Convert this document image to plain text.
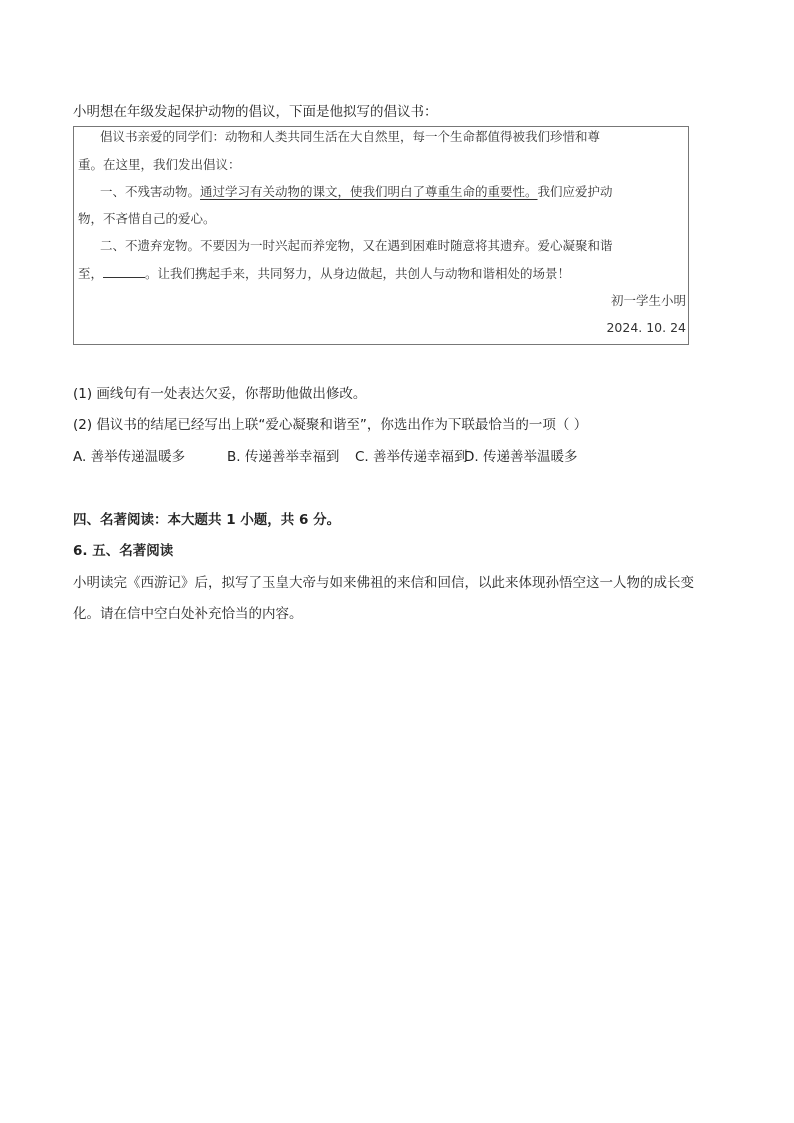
小明想在年级发起保护动物的倡议，下面是他拟写的倡议书：
倡议书亲爱的同学们：动物和人类共同生活在大自然里，每一个生命都值得被我们珍惜和尊
重。在这里，我们发出倡议：
一、不残害动物。通过学习有关动物的课文，使我们明白了尊重生命的重要性。我们应爱护动
物，不吝惜自己的爱心。
二、不遗弃宠物。不要因为一时兴起而养宠物，又在遇到困难时随意将其遗弃。爱心凝聚和谐
至，	。让我们携起手来，共同努力，从身边做起，共创人与动物和谐相处的场景！
初一学生小明
2024. 10. 24
(1) 画线句有一处表达欠妥，你帮助他做出修改。
(2) 倡议书的结尾已经写出上联“爱心凝聚和谐至”，你选出作为下联最恰当的一项（ ）
A. 善举传递温暖多	B. 传递善举幸福到 C. 善举传递幸福到D. 传递善举温暖多
四、名著阅读：本大题共 1 小题，共 6 分。
6. 五、名著阅读
小明读完《西游记》后，拟写了玉皇大帝与如来佛祖的来信和回信，以此来体现孙悟空这一人物的成长变
化。请在信中空白处补充恰当的内容。
